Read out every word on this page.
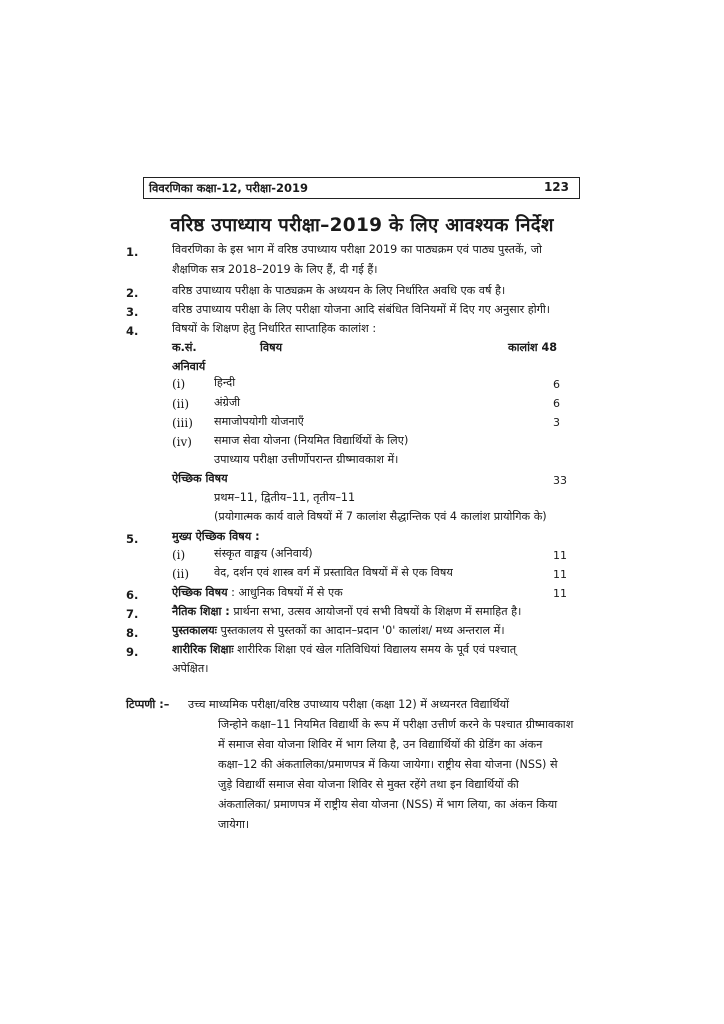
विवरणिका कक्षा-12, परीक्षा-2019	123
वरिष्ठ उपाध्याय परीक्षा–2019 के लिए आवश्यक निर्देश
1.	विवरणिका के इस भाग में वरिष्ठ उपाध्याय परीक्षा 2019 का पाठ्यक्रम एवं पाठ्य पुस्तकें, जो
शैक्षणिक सत्र 2018–2019 के लिए हैं, दी गई हैं।
2.	वरिष्ठ उपाध्याय परीक्षा के पाठ्यक्रम के अध्ययन के लिए निर्धारित अवधि एक वर्ष है।
3.	वरिष्ठ उपाध्याय परीक्षा के लिए परीक्षा योजना आदि संबंधित विनियमों में दिए गए अनुसार होगी।
4.	विषयों के शिक्षण हेतु निर्धारित साप्ताहिक कालांश :
क.सं.	विषय	कालांश 48
अनिवार्य
(i)	हिन्दी	6
(ii) अंग्रेजी	6
(iii) समाजोपयोगी योजनाएँ	3
(iv) समाज सेवा योजना (नियमित विद्यार्थियों के लिए)
उपाध्याय परीक्षा उत्तीर्णोपरान्त ग्रीष्मावकाश में।
ऐच्छिक विषय	33
प्रथम–11, द्वितीय–11, तृतीय–11
(प्रयोगात्मक कार्य वाले विषयों में 7 कालांश सैद्धान्तिक एवं 4 कालांश प्रायोगिक के)
5.	मुख्य ऐच्छिक विषय :
(i)	संस्कृत वाङ्मय (अनिवार्य)	11
(ii) वेद, दर्शन एवं शास्त्र वर्ग में प्रस्तावित विषयों में से एक विषय	11
6.	ऐच्छिक विषय : आधुनिक विषयों में से एक	11
7.	नैतिक शिक्षा : प्रार्थना सभा, उत्सव आयोजनों एवं सभी विषयों के शिक्षण में समाहित है।
8.	पुस्तकालयः पुस्तकालय से पुस्तकों का आदान–प्रदान '0' कालांश/ मध्य अन्तराल में।
9.	शारीरिक शिक्षाः शारीरिक शिक्षा एवं खेल गतिविधियां विद्यालय समय के पूर्व एवं पश्चात्
अपेक्षित।
टिप्पणी :– उच्च माध्यमिक परीक्षा/वरिष्ठ उपाध्याय परीक्षा (कक्षा 12) में अध्यनरत विद्यार्थियों
जिन्होने कक्षा–11 नियमित विद्यार्थी के रूप में परीक्षा उत्तीर्ण करने के पश्चात ग्रीष्मावकाश
में समाज सेवा योजना शिविर में भाग लिया है, उन विद्याार्थियों की ग्रेडिंग का अंकन
कक्षा–12 की अंकतालिका/प्रमाणपत्र में किया जायेगा। राष्ट्रीय सेवा योजना (NSS) से
जुड़े विद्यार्थी समाज सेवा योजना शिविर से मुक्त रहेंगे तथा इन विद्यार्थियों की
अंकतालिका/ प्रमाणपत्र में राष्ट्रीय सेवा योजना (NSS) में भाग लिया, का अंकन किया
जायेगा।
